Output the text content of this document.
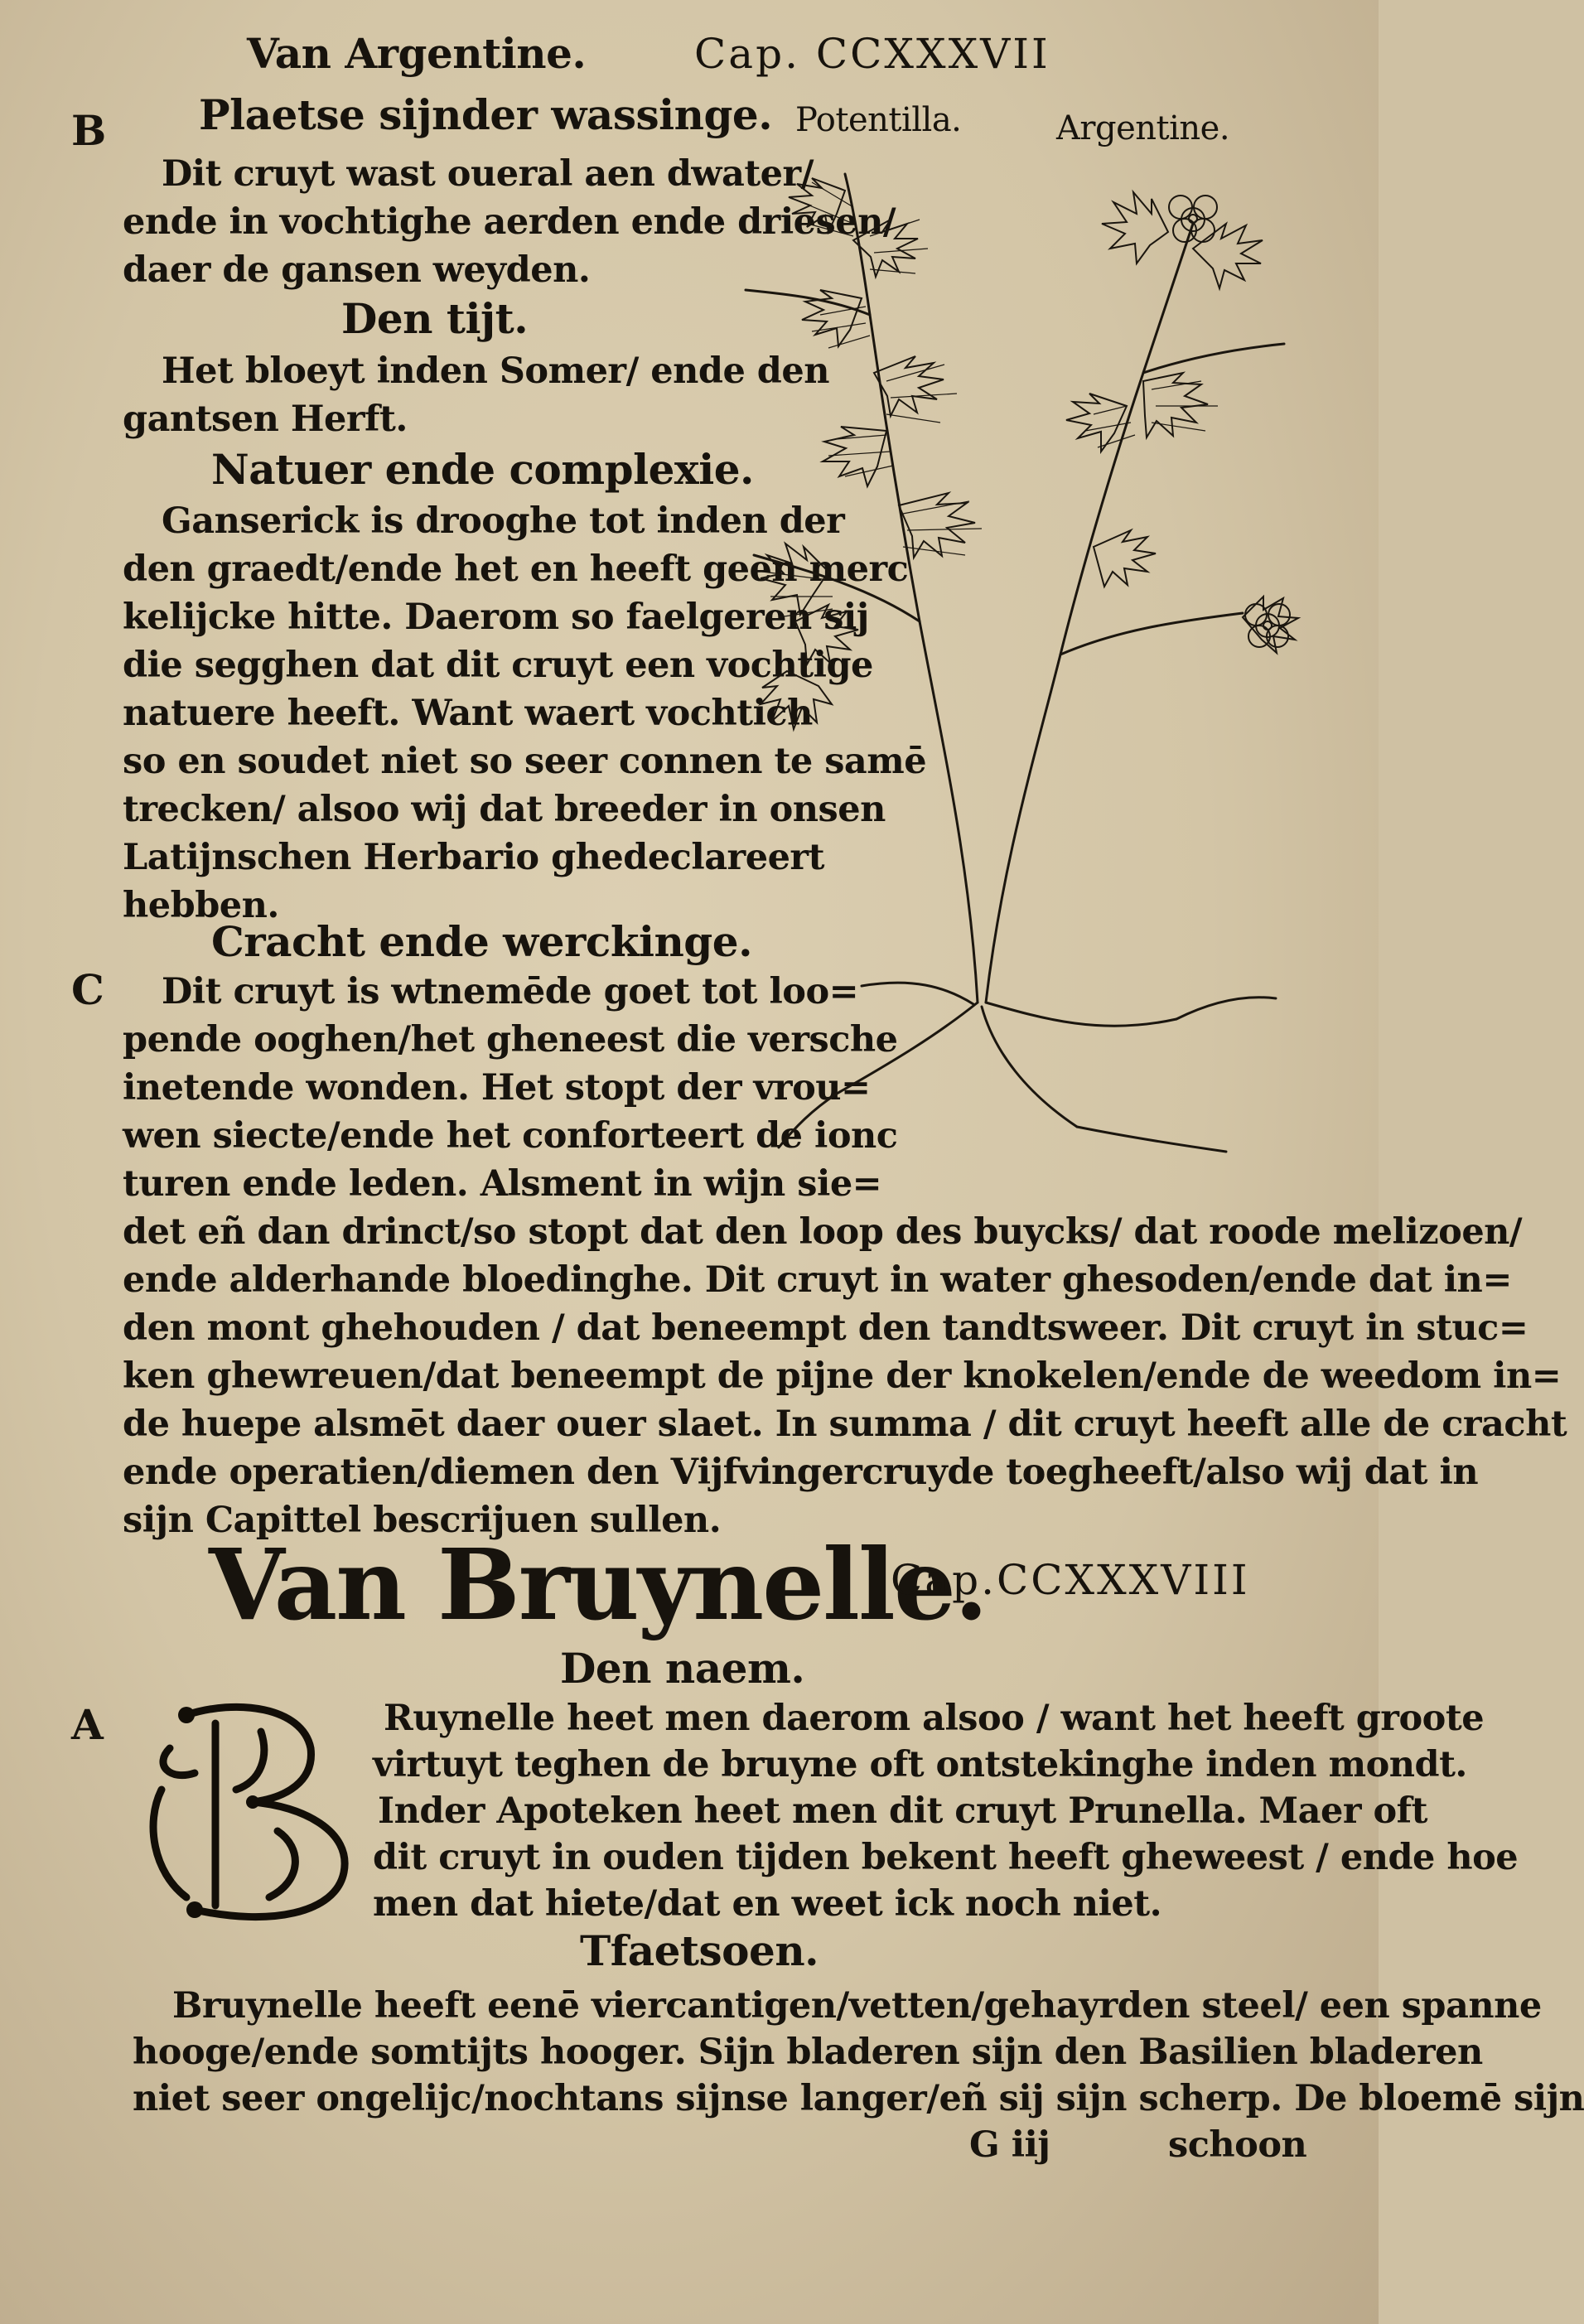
Van Argentine.	Cap. CCXXXVII
B Plaetse sijnder wassinge. Potentilla.	Argentine.
Dit cruyt wast oueral aen dwater/
ende in vochtighe aerden ende driesen/
daer de gansen weyden.
Den tijt.
Het bloeyt inden Somer/ ende den
gantsen Herft.
Natuer ende complexie.
Ganserick is drooghe tot inden der
den graedt/ende het en heeft geen merc
kelijcke hitte. Daerom so faelgeren sij
die segghen dat dit cruyt een vochtige
natuere heeft. Want waert vochtich
so en soudet niet so seer connen te samē
trecken/ alsoo wij dat breeder in onsen
Latijnschen Herbario ghedeclareert
hebben.
Cracht ende werckinge.
C Dit cruyt is wtnemēde goet tot loo=
pende ooghen/het gheneest die versche
inetende wonden. Het stopt der vrou=
wen siecte/ende het conforteert de ionc
turen ende leden. Alsment in wijn sie=
det eñ dan drinct/so stopt dat den loop des buycks/ dat roode melizoen/
ende alderhande bloedinghe. Dit cruyt in water ghesoden/ende dat in=
den mont ghehouden / dat beneempt den tandtsweer. Dit cruyt in stuc=
ken ghewreuen/dat beneempt de pijne der knokelen/ende de weedom in=
de huepe alsmēt daer ouer slaet. In summa / dit cruyt heeft alle de cracht
ende operatien/diemen den Vijfvingercruyde toegheeft/also wij dat in
sijn Capittel bescrijuen sullen.
Van Bruynelle.
Cap.CCXXXVIII
Den naem.
A	Ruynelle heet men daerom alsoo / want het heeft groote
virtuyt teghen de bruyne oft ontstekinghe inden mondt.
Inder Apoteken heet men dit cruyt Prunella. Maer oft
dit cruyt in ouden tijden bekent heeft gheweest / ende hoe
men dat hiete/dat en weet ick noch niet.
Tfaetsoen.
Bruynelle heeft eenē viercantigen/vetten/gehayrden steel/ een spanne
hooge/ende somtijts hooger. Sijn bladeren sijn den Basilien bladeren
niet seer ongelijc/nochtans sijnse langer/eñ sij sijn scherp. De bloemē sijn
G iij	schoon
